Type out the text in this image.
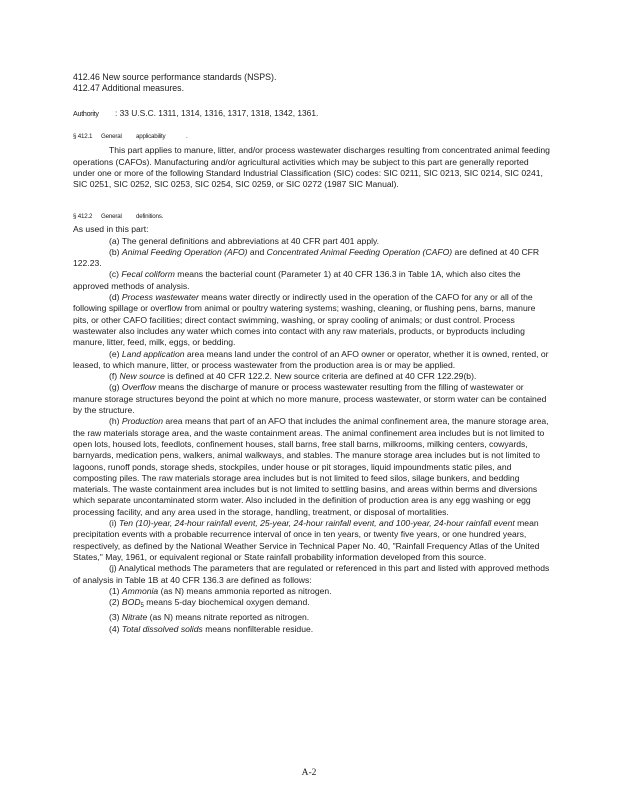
412.46 New source performance standards (NSPS).

412.47 Additional measures.

Authority : 33 U.S.C. 1311, 1314, 1316, 1317, 1318, 1342, 1361.

§ 412.1 General applicability	.

This part applies to manure, litter, and/or process wastewater discharges resulting from concentrated animal feeding operations (CAFOs). Manufacturing and/or agricultural activities which may be subject to this part are generally reported under one or more of the following Standard Industrial Classification (SIC) codes: SIC 0211, SIC 0213, SIC 0214, SIC 0241, SIC 0251, SIC 0252, SIC 0253, SIC 0254, SIC 0259, or SIC 0272 (1987 SIC Manual).

§ 412.2 General definitions.

As used in this part:

(a) The general definitions and abbreviations at 40 CFR part 401 apply.

(b) Animal Feeding Operation (AFO) and Concentrated Animal Feeding Operation (CAFO) are defined at 40 CFR 122.23.

(c) Fecal coliform means the bacterial count (Parameter 1) at 40 CFR 136.3 in Table 1A, which also cites the approved methods of analysis.

(d) Process wastewater means water directly or indirectly used in the operation of the CAFO for any or all of the following spillage or overflow from animal or poultry watering systems; washing, cleaning, or flushing pens, barns, manure pits, or other CAFO facilities; direct contact swimming, washing, or spray cooling of animals; or dust control. Process wastewater also includes any water which comes into contact with any raw materials, products, or byproducts including manure, litter, feed, milk, eggs, or bedding.

(e) Land application area means land under the control of an AFO owner or operator, whether it is owned, rented, or leased, to which manure, litter, or process wastewater from the production area is or may be applied.

(f) New source is defined at 40 CFR 122.2. New source criteria are defined at 40 CFR 122.29(b).

(g) Overflow means the discharge of manure or process wastewater resulting from the filling of wastewater or manure storage structures beyond the point at which no more manure, process wastewater, or storm water can be contained by the structure.

(h) Production area means that part of an AFO that includes the animal confinement area, the manure storage area, the raw materials storage area, and the waste containment areas. The animal confinement area includes but is not limited to open lots, housed lots, feedlots, confinement houses, stall barns, free stall barns, milkrooms, milking centers, cowyards, barnyards, medication pens, walkers, animal walkways, and stables. The manure storage area includes but is not limited to lagoons, runoff ponds, storage sheds, stockpiles, under house or pit storages, liquid impoundments static piles, and composting piles. The raw materials storage area includes but is not limited to feed silos, silage bunkers, and bedding materials. The waste containment area includes but is not limited to settling basins, and areas within berms and diversions which separate uncontaminated storm water. Also included in the definition of production area is any egg washing or egg processing facility, and any area used in the storage, handling, treatment, or disposal of mortalities.

(i) Ten (10)-year, 24-hour rainfall event, 25-year, 24-hour rainfall event, and 100-year, 24-hour rainfall event mean precipitation events with a probable recurrence interval of once in ten years, or twenty five years, or one hundred years, respectively, as defined by the National Weather Service in Technical Paper No. 40, "Rainfall Frequency Atlas of the United States," May, 1961, or equivalent regional or State rainfall probability information developed from this source.

(j) Analytical methods The parameters that are regulated or referenced in this part and listed with approved methods of analysis in Table 1B at 40 CFR 136.3 are defined as follows:

(1) Ammonia (as N) means ammonia reported as nitrogen.

(2) $BOD_5$ means 5-day biochemical oxygen demand.

(3) Nitrate (as N) means nitrate reported as nitrogen.

(4) Total dissolved solids means nonfilterable residue.

A-2
